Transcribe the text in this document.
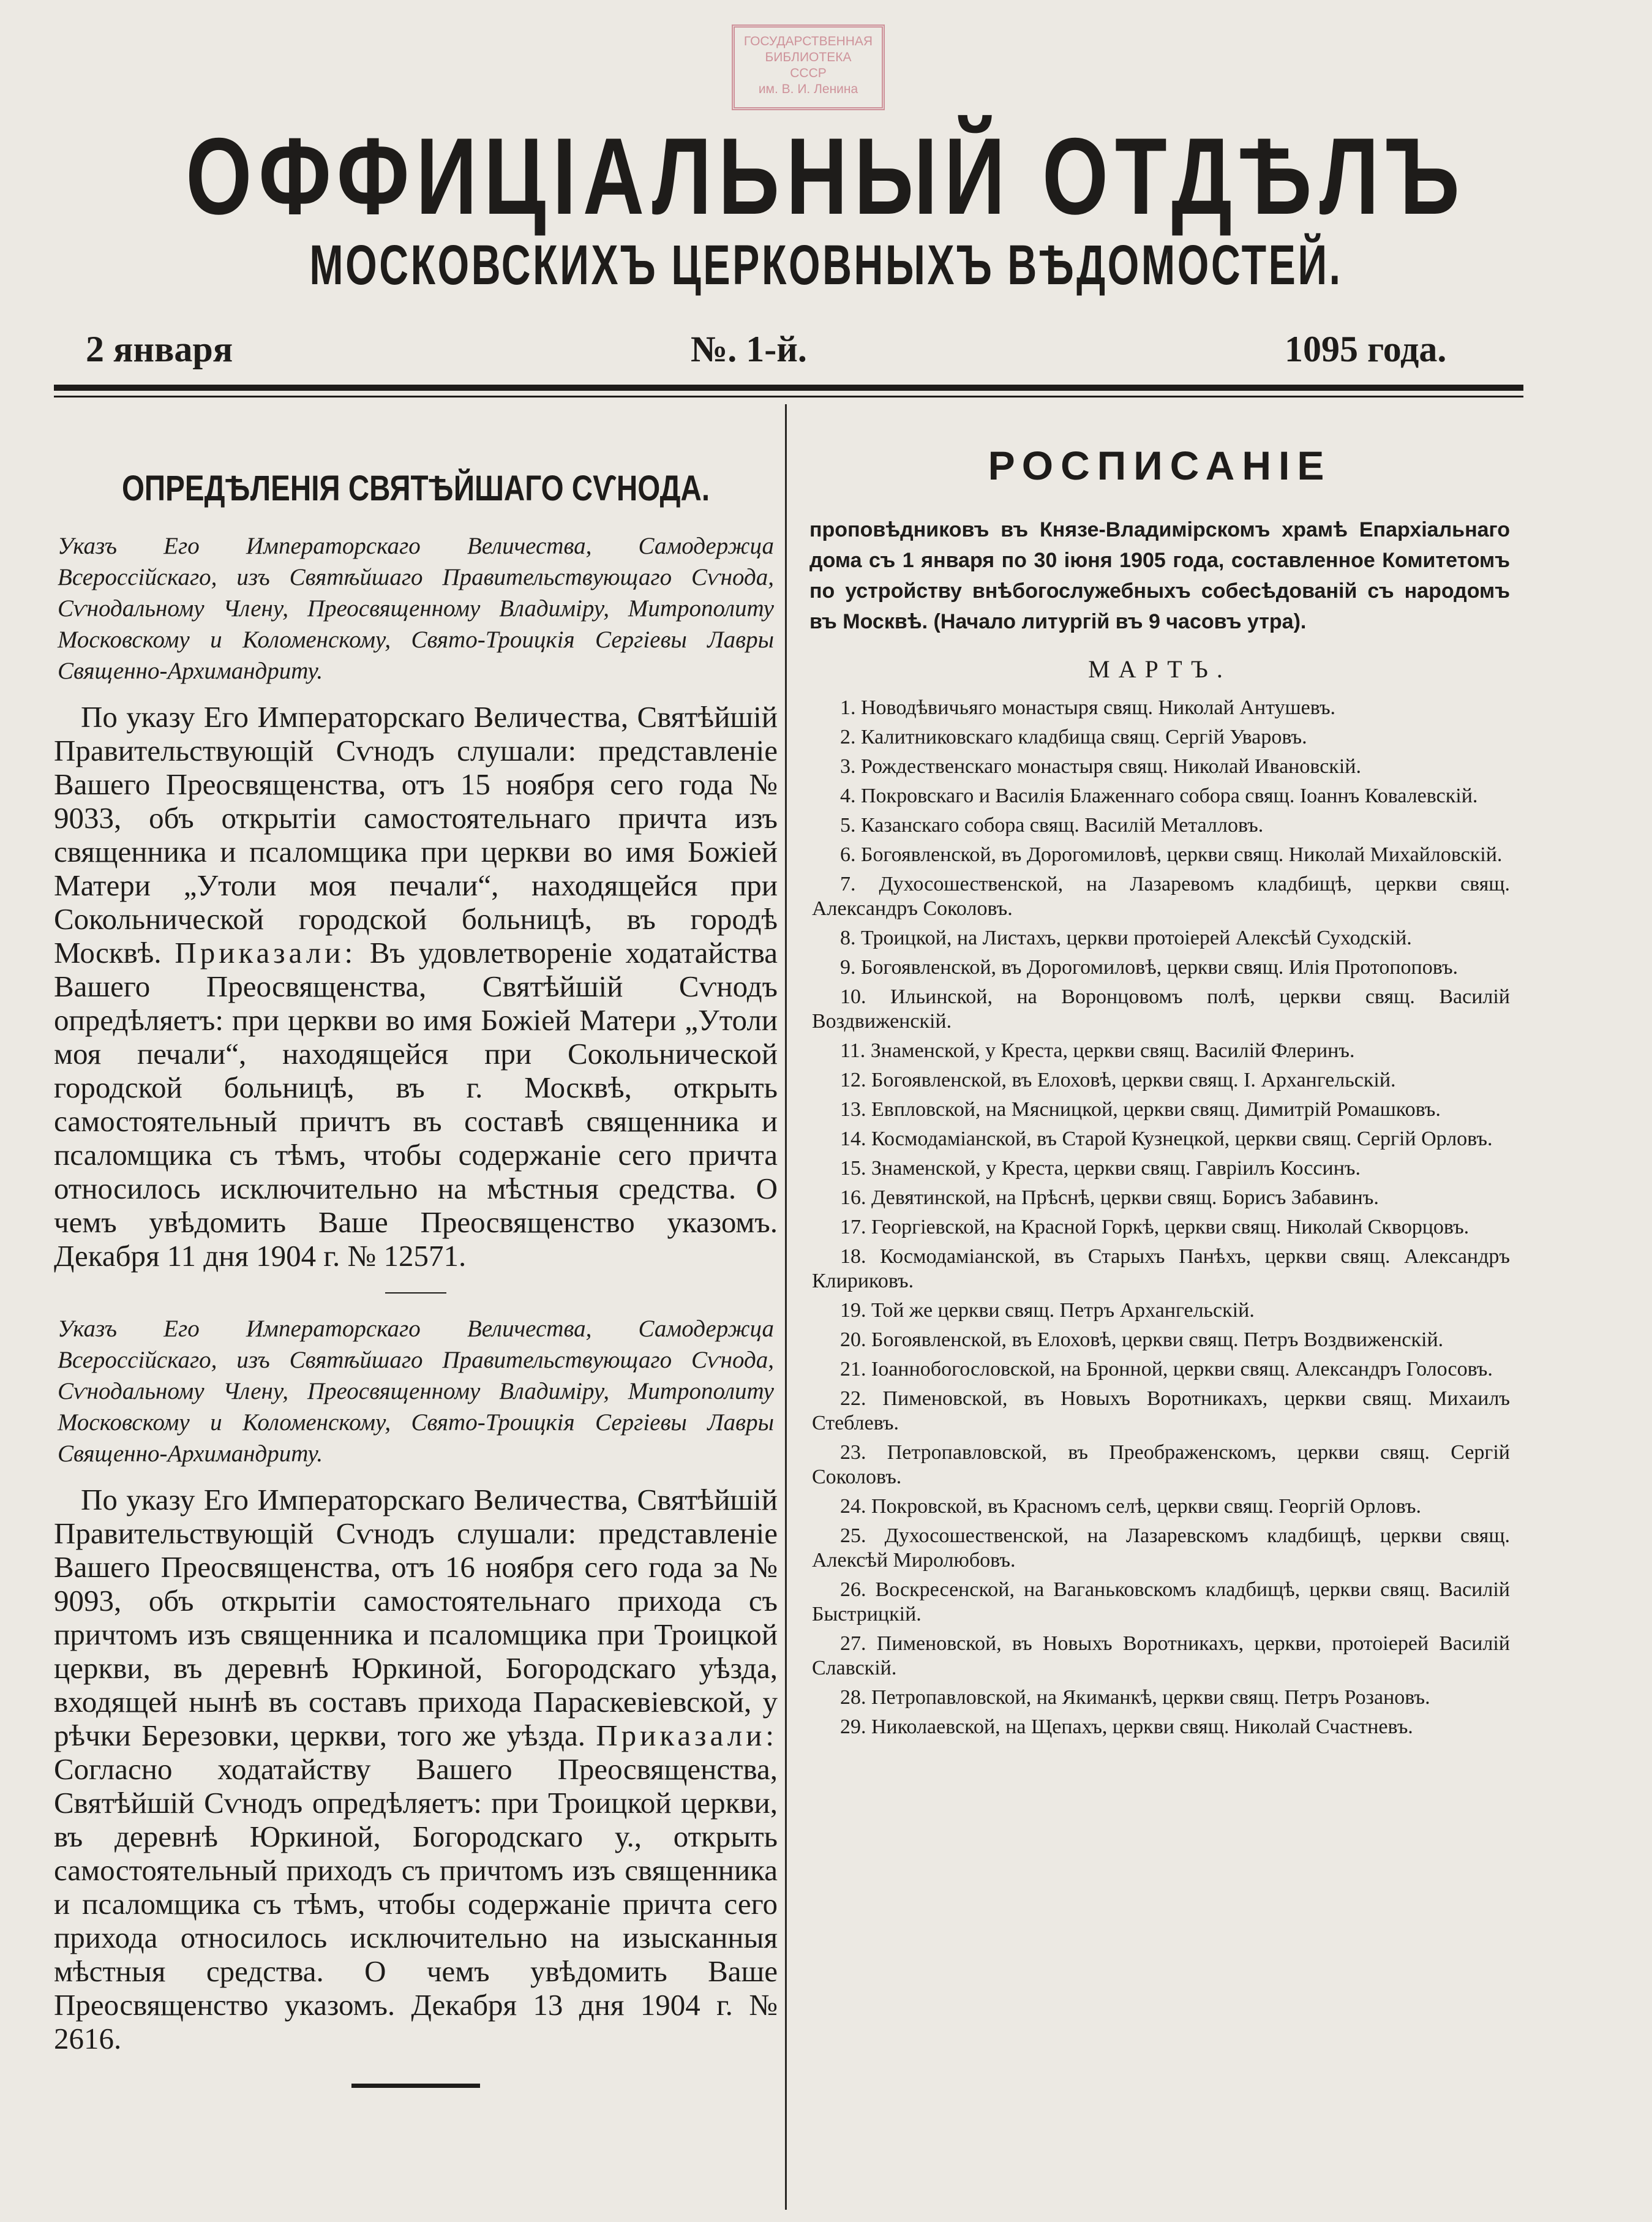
ГОСУДАРСТВЕННАЯ
БИБЛИОТЕКА
СССР
им. В. И. Ленина
ОФФИЦІАЛЬНЫЙ ОТДѢЛЪ
МОСКОВСКИХЪ ЦЕРКОВНЫХЪ ВѢДОМОСТЕЙ.
2 января	№. 1-й.	1095 года.
ОПРЕДѢЛЕНІЯ СВЯТѢЙШАГО СѴНОДА.

Указъ Его Императорскаго Величества, Самодержца Всероссійскаго, изъ Святѣйшаго Правительствующаго Сѵнода, Сѵнодальному Члену, Преосвященному Владиміру, Митрополиту Московскому и Коломенскому, Свято-Троицкія Сергіевы Лавры Священно-Архимандриту.

По указу Его Императорскаго Величества, Святѣйшій Правительствующій Сѵнодъ слушали: представленіе Вашего Преосвященства, отъ 15 ноября сего года № 9033, объ открытіи самостоятельнаго причта изъ священника и псаломщика при церкви во имя Божіей Матери „Утоли моя печали“, находящейся при Сокольнической городской больницѣ, въ городѣ Москвѣ. Приказали: Въ удовлетвореніе ходатайства Вашего Преосвященства, Святѣйшій Сѵнодъ опредѣляетъ: при церкви во имя Божіей Матери „Утоли моя печали“, находящейся при Сокольнической городской больницѣ, въ г. Москвѣ, открыть самостоятельный причтъ въ составѣ священника и псаломщика съ тѣмъ, чтобы содержаніе сего причта относилось исключительно на мѣстныя средства. О чемъ увѣдомить Ваше Преосвященство указомъ. Декабря 11 дня 1904 г. № 12571.

Указъ Его Императорскаго Величества, Самодержца Всероссійскаго, изъ Святѣйшаго Правительствующаго Сѵнода, Сѵнодальному Члену, Преосвященному Владиміру, Митрополиту Московскому и Коломенскому, Свято-Троицкія Сергіевы Лавры Священно-Архимандриту.

По указу Его Императорскаго Величества, Святѣйшій Правительствующій Сѵнодъ слушали: представленіе Вашего Преосвященства, отъ 16 ноября сего года за № 9093, объ открытіи самостоятельнаго прихода съ причтомъ изъ священника и псаломщика при Троицкой церкви, въ деревнѣ Юркиной, Богородскаго уѣзда, входящей нынѣ въ составъ прихода Параскевіевской, у рѣчки Березовки, церкви, того же уѣзда. Приказали: Согласно ходатайству Вашего Преосвященства, Святѣйшій Сѵнодъ опредѣляетъ: при Троицкой церкви, въ деревнѣ Юркиной, Богородскаго у., открыть самостоятельный приходъ съ причтомъ изъ священника и псаломщика съ тѣмъ, чтобы содержаніе причта сего прихода относилось исключительно на изысканныя мѣстныя средства. О чемъ увѣдомить Ваше Преосвященство указомъ. Декабря 13 дня 1904 г. № 2616.

РОСПИСАНІЕ

проповѣдниковъ въ Князе-Владимірскомъ храмѣ Епархіальнаго дома съ 1 января по 30 іюня 1905 года, составленное Комитетомъ по устройству внѣбогослужебныхъ собесѣдованій съ народомъ въ Москвѣ. (Начало литургій въ 9 часовъ утра).

МАРТЪ.
1. Новодѣвичьяго монастыря свящ. Николай Антушевъ.
2. Калитниковскаго кладбища свящ. Сергій Уваровъ.
3. Рождественскаго монастыря свящ. Николай Ивановскій.
4. Покровскаго и Василія Блаженнаго собора свящ. Іоаннъ Ковалевскій.
5. Казанскаго собора свящ. Василій Металловъ.
6. Богоявленской, въ Дорогомиловѣ, церкви свящ. Николай Михайловскій.
7. Духосошественской, на Лазаревомъ кладбищѣ, церкви свящ. Александръ Соколовъ.
8. Троицкой, на Листахъ, церкви протоіерей Алексѣй Суходскій.
9. Богоявленской, въ Дорогомиловѣ, церкви свящ. Илія Протопоповъ.
10. Ильинской, на Воронцовомъ полѣ, церкви свящ. Василій Воздвиженскій.
11. Знаменской, у Креста, церкви свящ. Василій Флеринъ.
12. Богоявленской, въ Елоховѣ, церкви свящ. І. Архангельскій.
13. Евпловской, на Мясницкой, церкви свящ. Димитрій Ромашковъ.
14. Космодаміанской, въ Старой Кузнецкой, церкви свящ. Сергій Орловъ.
15. Знаменской, у Креста, церкви свящ. Гавріилъ Коссинъ.
16. Девятинской, на Прѣснѣ, церкви свящ. Борисъ Забавинъ.
17. Георгіевской, на Красной Горкѣ, церкви свящ. Николай Скворцовъ.
18. Космодаміанской, въ Старыхъ Панѣхъ, церкви свящ. Александръ Клириковъ.
19. Той же церкви свящ. Петръ Архангельскій.
20. Богоявленской, въ Елоховѣ, церкви свящ. Петръ Воздвиженскій.
21. Іоаннобогословской, на Бронной, церкви свящ. Александръ Голосовъ.
22. Пименовской, въ Новыхъ Воротникахъ, церкви свящ. Михаилъ Стеблевъ.
23. Петропавловской, въ Преображенскомъ, церкви свящ. Сергій Соколовъ.
24. Покровской, въ Красномъ селѣ, церкви свящ. Георгій Орловъ.
25. Духосошественской, на Лазаревскомъ кладбищѣ, церкви свящ. Алексѣй Миролюбовъ.
26. Воскресенской, на Ваганьковскомъ кладбищѣ, церкви свящ. Василій Быстрицкій.
27. Пименовской, въ Новыхъ Воротникахъ, церкви, протоіерей Василій Славскій.
28. Петропавловской, на Якиманкѣ, церкви свящ. Петръ Розановъ.
29. Николаевской, на Щепахъ, церкви свящ. Николай Счастневъ.
